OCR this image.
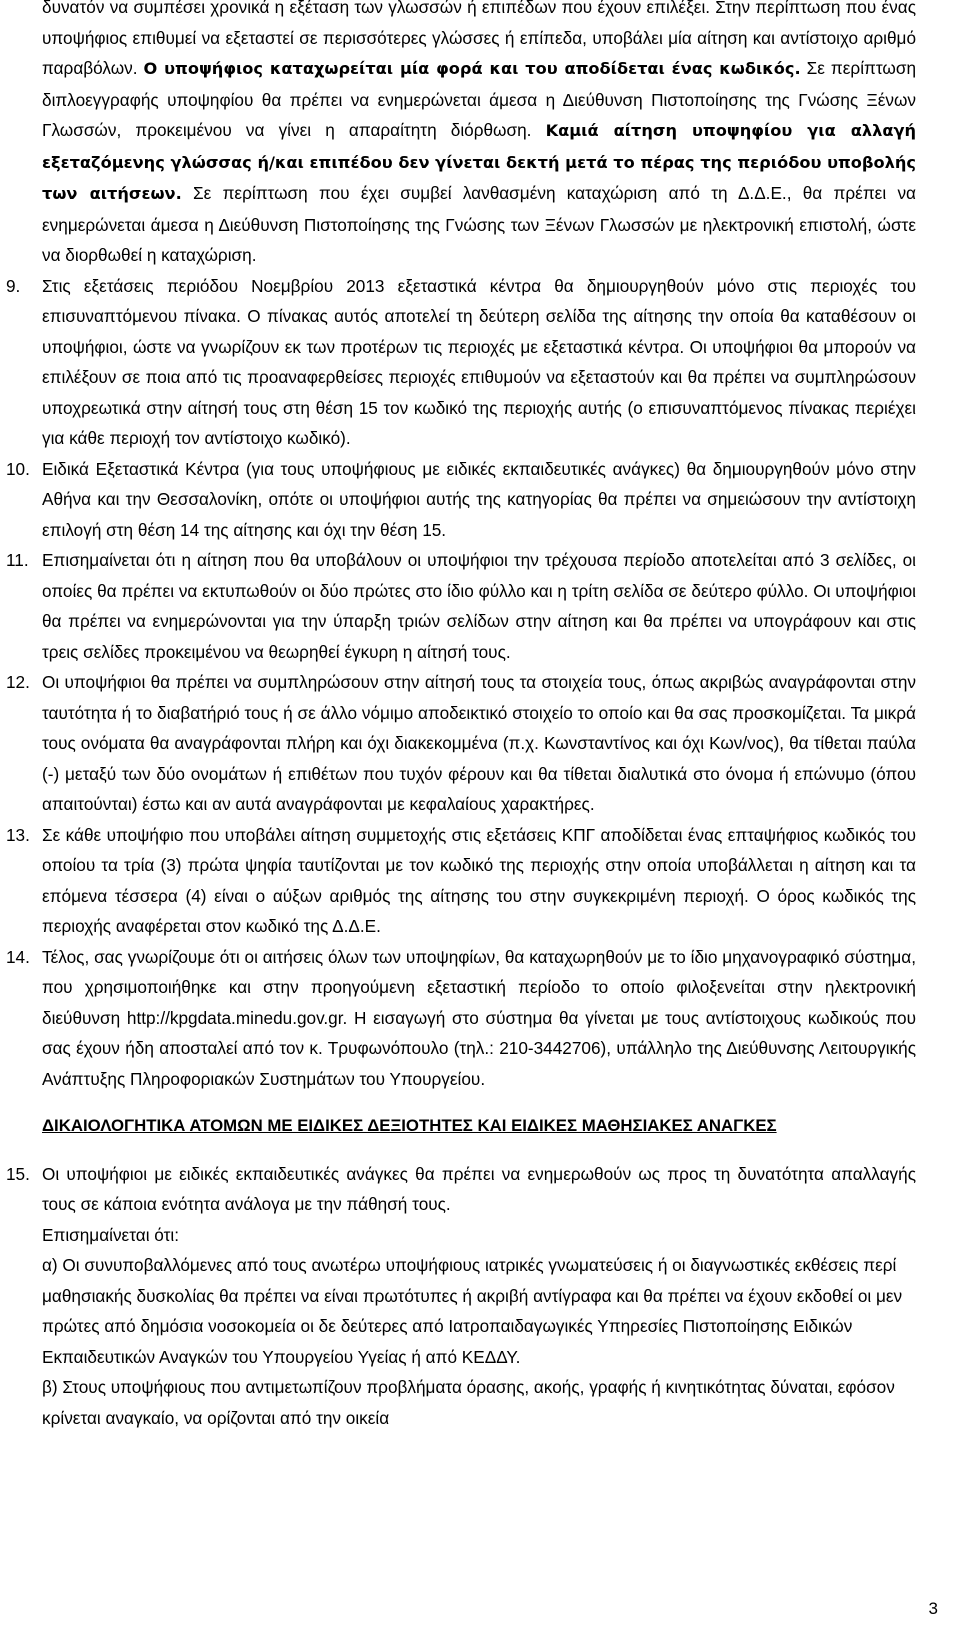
δυνατόν να συμπέσει χρονικά η εξέταση των γλωσσών ή επιπέδων που έχουν επιλέξει. Στην περίπτωση που ένας υποψήφιος επιθυμεί να εξεταστεί σε περισσότερες γλώσσες ή επίπεδα, υποβάλει μία αίτηση και αντίστοιχο αριθμό παραβόλων. Ο υποψήφιος καταχωρείται μία φορά και του αποδίδεται ένας κωδικός. Σε περίπτωση διπλοεγγραφής υποψηφίου θα πρέπει να ενημερώνεται άμεσα η Διεύθυνση Πιστοποίησης της Γνώσης Ξένων Γλωσσών, προκειμένου να γίνει η απαραίτητη διόρθωση. Καμιά αίτηση υποψηφίου για αλλαγή εξεταζόμενης γλώσσας ή/και επιπέδου δεν γίνεται δεκτή μετά το πέρας της περιόδου υποβολής των αιτήσεων. Σε περίπτωση που έχει συμβεί λανθασμένη καταχώριση από τη Δ.Δ.Ε., θα πρέπει να ενημερώνεται άμεσα η Διεύθυνση Πιστοποίησης της Γνώσης των Ξένων Γλωσσών με ηλεκτρονική επιστολή, ώστε να διορθωθεί η καταχώριση.

9. Στις εξετάσεις περιόδου Νοεμβρίου 2013 εξεταστικά κέντρα θα δημιουργηθούν μόνο στις περιοχές του επισυναπτόμενου πίνακα. Ο πίνακας αυτός αποτελεί τη δεύτερη σελίδα της αίτησης την οποία θα καταθέσουν οι υποψήφιοι, ώστε να γνωρίζουν εκ των προτέρων τις περιοχές με εξεταστικά κέντρα. Οι υποψήφιοι θα μπορούν να επιλέξουν σε ποια από τις προαναφερθείσες περιοχές επιθυμούν να εξεταστούν και θα πρέπει να συμπληρώσουν υποχρεωτικά στην αίτησή τους στη θέση 15 τον κωδικό της περιοχής αυτής (ο επισυναπτόμενος πίνακας περιέχει για κάθε περιοχή τον αντίστοιχο κωδικό).

10. Ειδικά Εξεταστικά Κέντρα (για τους υποψήφιους με ειδικές εκπαιδευτικές ανάγκες) θα δημιουργηθούν μόνο στην Αθήνα και την Θεσσαλονίκη, οπότε οι υποψήφιοι αυτής της κατηγορίας θα πρέπει να σημειώσουν την αντίστοιχη επιλογή στη θέση 14 της αίτησης και όχι την θέση 15.

11. Επισημαίνεται ότι η αίτηση που θα υποβάλουν οι υποψήφιοι την τρέχουσα περίοδο αποτελείται από 3 σελίδες, οι οποίες θα πρέπει να εκτυπωθούν οι δύο πρώτες στο ίδιο φύλλο και η τρίτη σελίδα σε δεύτερο φύλλο. Οι υποψήφιοι θα πρέπει να ενημερώνονται για την ύπαρξη τριών σελίδων στην αίτηση και θα πρέπει να υπογράφουν και στις τρεις σελίδες προκειμένου να θεωρηθεί έγκυρη η αίτησή τους.

12. Οι υποψήφιοι θα πρέπει να συμπληρώσουν στην αίτησή τους τα στοιχεία τους, όπως ακριβώς αναγράφονται στην ταυτότητα ή το διαβατήριό τους ή σε άλλο νόμιμο αποδεικτικό στοιχείο το οποίο και θα σας προσκομίζεται. Τα μικρά τους ονόματα θα αναγράφονται πλήρη και όχι διακεκομμένα (π.χ. Κωνσταντίνος και όχι Κων/νος), θα τίθεται παύλα (-) μεταξύ των δύο ονομάτων ή επιθέτων που τυχόν φέρουν και θα τίθεται διαλυτικά στο όνομα ή επώνυμο (όπου απαιτούνται) έστω και αν αυτά αναγράφονται με κεφαλαίους χαρακτήρες.

13. Σε κάθε υποψήφιο που υποβάλει αίτηση συμμετοχής στις εξετάσεις ΚΠΓ αποδίδεται ένας επταψήφιος κωδικός του οποίου τα τρία (3) πρώτα ψηφία ταυτίζονται με τον κωδικό της περιοχής στην οποία υποβάλλεται η αίτηση και τα επόμενα τέσσερα (4) είναι ο αύξων αριθμός της αίτησης του στην συγκεκριμένη περιοχή. Ο όρος κωδικός της περιοχής αναφέρεται στον κωδικό της Δ.Δ.Ε.

14. Τέλος, σας γνωρίζουμε ότι οι αιτήσεις όλων των υποψηφίων, θα καταχωρηθούν με το ίδιο μηχανογραφικό σύστημα, που χρησιμοποιήθηκε και στην προηγούμενη εξεταστική περίοδο το οποίο φιλοξενείται στην ηλεκτρονική διεύθυνση http://kpgdata.minedu.gov.gr. Η εισαγωγή στο σύστημα θα γίνεται με τους αντίστοιχους κωδικούς που σας έχουν ήδη αποσταλεί από τον κ. Τρυφωνόπουλο (τηλ.: 210-3442706), υπάλληλο της Διεύθυνσης Λειτουργικής Ανάπτυξης Πληροφοριακών Συστημάτων του Υπουργείου.

ΔΙΚΑΙΟΛΟΓΗΤΙΚΑ ΑΤΟΜΩΝ ΜΕ ΕΙΔΙΚΕΣ ΔΕΞΙΟΤΗΤΕΣ ΚΑΙ ΕΙΔΙΚΕΣ ΜΑΘΗΣΙΑΚΕΣ ΑΝΑΓΚΕΣ
15. Οι υποψήφιοι με ειδικές εκπαιδευτικές ανάγκες θα πρέπει να ενημερωθούν ως προς τη δυνατότητα απαλλαγής τους σε κάποια ενότητα ανάλογα με την πάθησή τους.

Επισημαίνεται ότι:

α) Οι συνυποβαλλόμενες από τους ανωτέρω υποψήφιους ιατρικές γνωματεύσεις ή οι διαγνωστικές εκθέσεις περί μαθησιακής δυσκολίας θα πρέπει να είναι πρωτότυπες ή ακριβή αντίγραφα και θα πρέπει να έχουν εκδοθεί οι μεν πρώτες από δημόσια νοσοκομεία οι δε δεύτερες από Ιατροπαιδαγωγικές Υπηρεσίες Πιστοποίησης Ειδικών Εκπαιδευτικών Αναγκών του Υπουργείου Υγείας ή από ΚΕΔΔΥ.

β) Στους υποψήφιους που αντιμετωπίζουν προβλήματα όρασης, ακοής, γραφής ή κινητικότητας δύναται, εφόσον κρίνεται αναγκαίο, να ορίζονται από την οικεία

3
